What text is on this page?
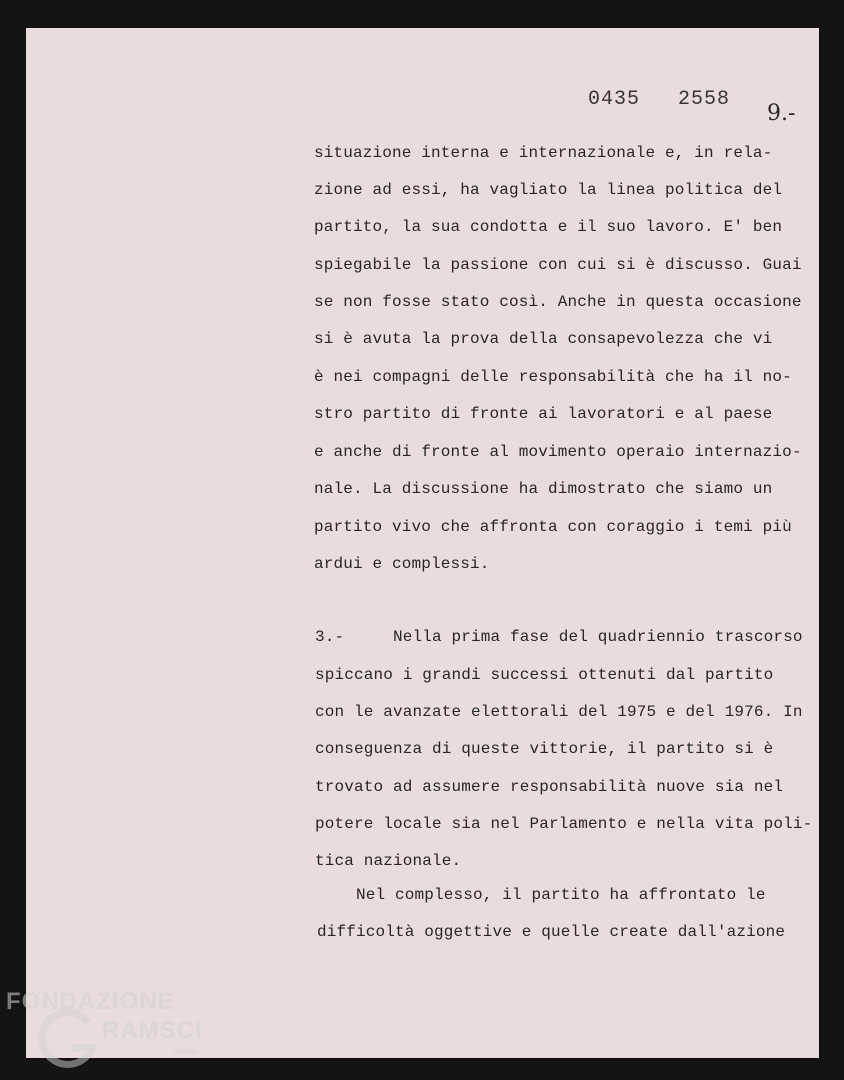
0435 2558
9.-
situazione interna e internazionale e, in rela-
zione ad essi, ha vagliato la linea politica del
partito, la sua condotta e il suo lavoro. E' ben
spiegabile la passione con cui si è discusso. Guai
se non fosse stato così. Anche in questa occasione
si è avuta la prova della consapevolezza che vi
è nei compagni delle responsabilità che ha il no-
stro partito di fronte ai lavoratori e al paese
e anche di fronte al movimento operaio internazio-
nale. La discussione ha dimostrato che siamo un
partito vivo che affronta con coraggio i temi più
ardui e complessi.
3.-     Nella prima fase del quadriennio trascorso
spiccano i grandi successi ottenuti dal partito
con le avanzate elettorali del 1975 e del 1976. In
conseguenza di queste vittorie, il partito si è
trovato ad assumere responsabilità nuove sia nel
potere locale sia nel Parlamento e nella vita poli-
tica nazionale.
Nel complesso, il partito ha affrontato le
difficoltà oggettive e quelle create dall'azione
FONDAZIONE
RAMSCI
onlus
